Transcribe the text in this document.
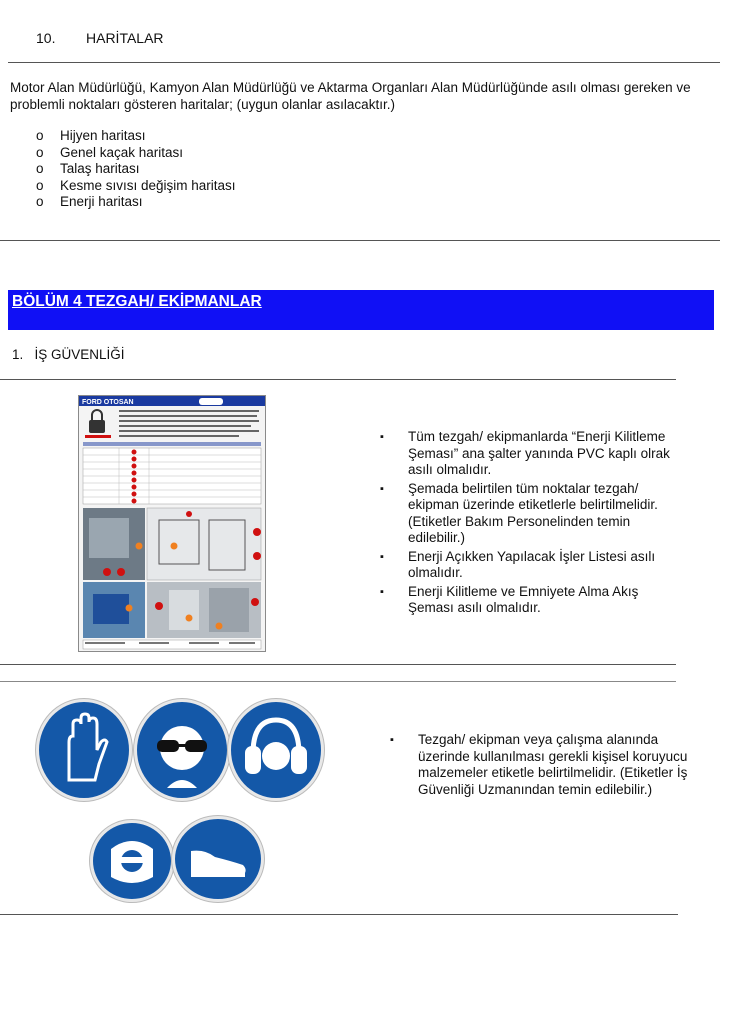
10. HARİTALAR
Motor Alan Müdürlüğü, Kamyon Alan Müdürlüğü ve Aktarma Organları Alan Müdürlüğünde asılı olması gereken ve problemli noktaları gösteren haritalar; (uygun olanlar asılacaktır.)
o Hijyen haritası
o Genel kaçak haritası
o Talaş haritası
o Kesme sıvısı değişim haritası
o Enerji haritası
BÖLÜM 4 TEZGAH/ EKİPMANLAR
1. İŞ GÜVENLİĞİ
FORD OTOSAN
▪ Tüm tezgah/ ekipmanlarda “Enerji Kilitleme Şeması” ana şalter yanında PVC kaplı olrak asılı olmalıdır.
▪ Şemada belirtilen tüm noktalar tezgah/ ekipman üzerinde etiketlerle belirtilmelidir. (Etiketler Bakım Personelinden temin edilebilir.)
▪ Enerji Açıkken Yapılacak İşler Listesi asılı olmalıdır.
▪ Enerji Kilitleme ve Emniyete Alma Akış Şeması asılı olmalıdır.
▪ Tezgah/ ekipman veya çalışma alanında üzerinde kullanılması gerekli kişisel koruyucu malzemeler etiketle belirtilmelidir. (Etiketler İş Güvenliği Uzmanından temin edilebilir.)
